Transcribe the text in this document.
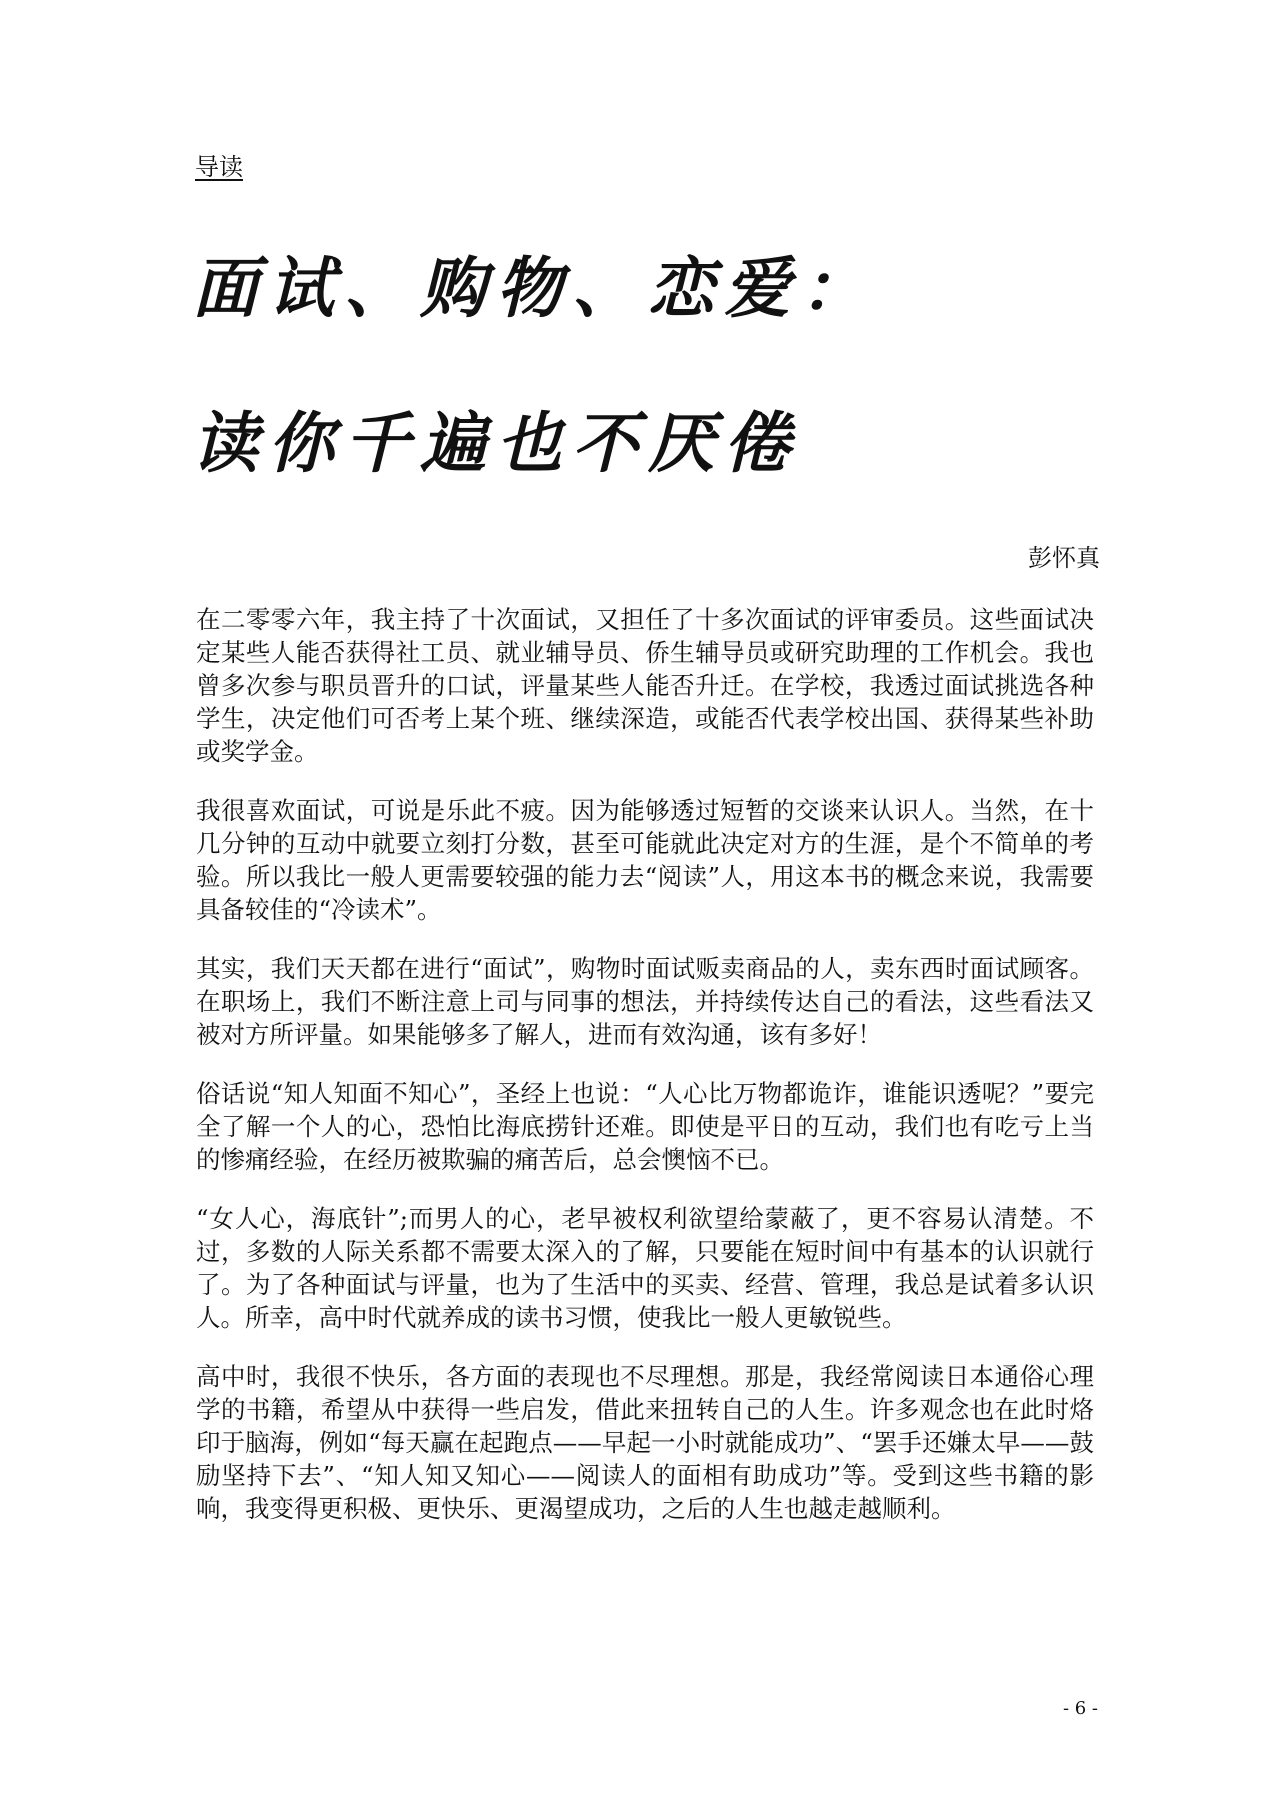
导读
面试、购物、恋爱：
读你千遍也不厌倦
彭怀真

在二零零六年，我主持了十次面试，又担任了十多次面试的评审委员。这些面试决定某些人能否获得社工员、就业辅导员、侨生辅导员或研究助理的工作机会。我也曾多次参与职员晋升的口试，评量某些人能否升迁。在学校，我透过面试挑选各种学生，决定他们可否考上某个班、继续深造，或能否代表学校出国、获得某些补助或奖学金。

我很喜欢面试，可说是乐此不疲。因为能够透过短暂的交谈来认识人。当然，在十几分钟的互动中就要立刻打分数，甚至可能就此决定对方的生涯，是个不简单的考验。所以我比一般人更需要较强的能力去“阅读”人，用这本书的概念来说，我需要具备较佳的“冷读术”。

其实，我们天天都在进行“面试”，购物时面试贩卖商品的人，卖东西时面试顾客。在职场上，我们不断注意上司与同事的想法，并持续传达自己的看法，这些看法又被对方所评量。如果能够多了解人，进而有效沟通，该有多好！

俗话说“知人知面不知心”，圣经上也说：“人心比万物都诡诈，谁能识透呢？”要完全了解一个人的心，恐怕比海底捞针还难。即使是平日的互动，我们也有吃亏上当的惨痛经验，在经历被欺骗的痛苦后，总会懊恼不已。

“女人心，海底针”;而男人的心，老早被权利欲望给蒙蔽了，更不容易认清楚。不过，多数的人际关系都不需要太深入的了解，只要能在短时间中有基本的认识就行了。为了各种面试与评量，也为了生活中的买卖、经营、管理，我总是试着多认识人。所幸，高中时代就养成的读书习惯，使我比一般人更敏锐些。

高中时，我很不快乐，各方面的表现也不尽理想。那是，我经常阅读日本通俗心理学的书籍，希望从中获得一些启发，借此来扭转自己的人生。许多观念也在此时烙印于脑海，例如“每天赢在起跑点——早起一小时就能成功”、“罢手还嫌太早——鼓励坚持下去”、“知人知又知心——阅读人的面相有助成功”等。受到这些书籍的影响，我变得更积极、更快乐、更渴望成功，之后的人生也越走越顺利。

- 6 -
